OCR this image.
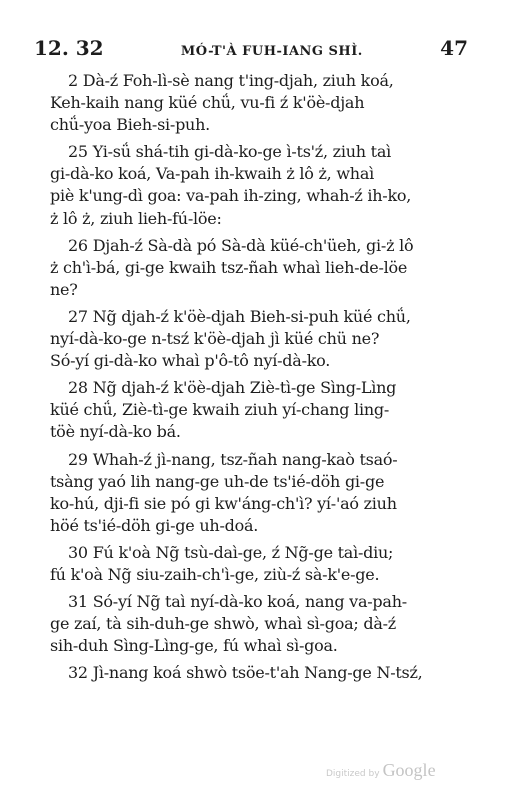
12. 32	MÓ-T'À FUH-IANG SHÌ.	47
2 Dà-ź Foh-lì-sè nang t'ing-djah, ziuh koá,
Keh-kaih nang küé chǘ, vu-fi ź k'öè-djah
chǘ-yoa Bieh-si-puh.
25 Yi-sǘ shá-tih gi-dà-ko-ge ì-ts'ź, ziuh taì
gi-dà-ko koá, Va-pah ih-kwaih ż lô ż, whaì
piè k'ung-dì goa: va-pah ih-zing, whah-ź ih-ko,
ż lô ż, ziuh lieh-fú-löe:
26 Djah-ź Sà-dà pó Sà-dà küé-ch'üeh, gi-ż lô
ż ch'ì-bá, gi-ge kwaih tsz-ñah whaì lieh-de-löe
ne?
27 Ng̃ djah-ź k'öè-djah Bieh-si-puh küé chǘ,
nyí-dà-ko-ge n-tsź k'öè-djah jì küé chü ne?
Só-yí gi-dà-ko whaì p'ô-tô nyí-dà-ko.
28 Ng̃ djah-ź k'öè-djah Ziè-tì-ge Sìng-Lìng
küé chǘ, Ziè-tì-ge kwaih ziuh yí-chang ling-
töè nyí-dà-ko bá.
29 Whah-ź jì-nang, tsz-ñah nang-kaò tsaó-
tsàng yaó lih nang-ge uh-de ts'ié-döh gi-ge
ko-hú, dji-fi sie pó gi kw'áng-ch'ì? yí-'aó ziuh
höé ts'ié-döh gi-ge uh-doá.
30 Fú k'oà Ng̃ tsù-daì-ge, ź Ng̃-ge taì-diu;
fú k'oà Ng̃ siu-zaih-ch'ì-ge, ziù-ź sà-k'e-ge.
31 Só-yí Ng̃ taì nyí-dà-ko koá, nang va-pah-
ge zaí, tà sih-duh-ge shwò, whaì sì-goa; dà-ź
sih-duh Sìng-Lìng-ge, fú whaì sì-goa.
32 Jì-nang koá shwò tsöe-t'ah Nang-ge N-tsź,
Digitized by Google
